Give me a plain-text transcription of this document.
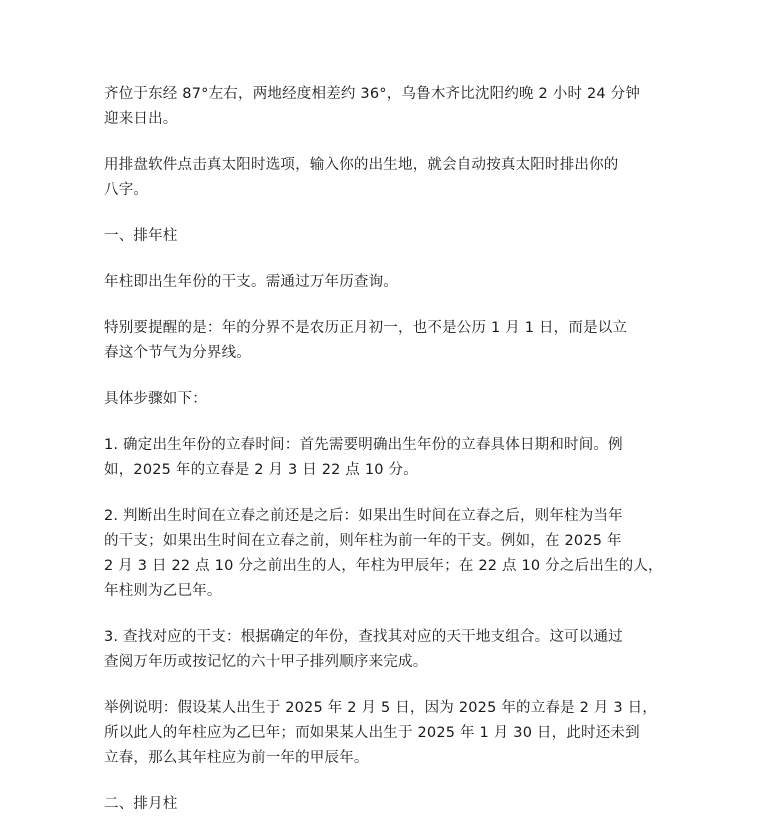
齐位于东经 87°左右，两地经度相差约 36°，乌鲁木齐比沈阳约晚 2 小时 24 分钟
迎来日出。

用排盘软件点击真太阳时选项，输入你的出生地，就会自动按真太阳时排出你的
八字。

一、排年柱

年柱即出生年份的干支。需通过万年历查询。

特别要提醒的是：年的分界不是农历正月初一，也不是公历 1 月 1 日，而是以立
春这个节气为分界线。

具体步骤如下：

1. 确定出生年份的立春时间：首先需要明确出生年份的立春具体日期和时间。例
如，2025 年的立春是 2 月 3 日 22 点 10 分。

2. 判断出生时间在立春之前还是之后：如果出生时间在立春之后，则年柱为当年
的干支；如果出生时间在立春之前，则年柱为前一年的干支。例如，在 2025 年
2 月 3 日 22 点 10 分之前出生的人，年柱为甲辰年；在 22 点 10 分之后出生的人，
年柱则为乙巳年。

3. 查找对应的干支：根据确定的年份，查找其对应的天干地支组合。这可以通过
查阅万年历或按记忆的六十甲子排列顺序来完成。

举例说明：假设某人出生于 2025 年 2 月 5 日，因为 2025 年的立春是 2 月 3 日，
所以此人的年柱应为乙巳年；而如果某人出生于 2025 年 1 月 30 日，此时还未到
立春，那么其年柱应为前一年的甲辰年。

二、排月柱
